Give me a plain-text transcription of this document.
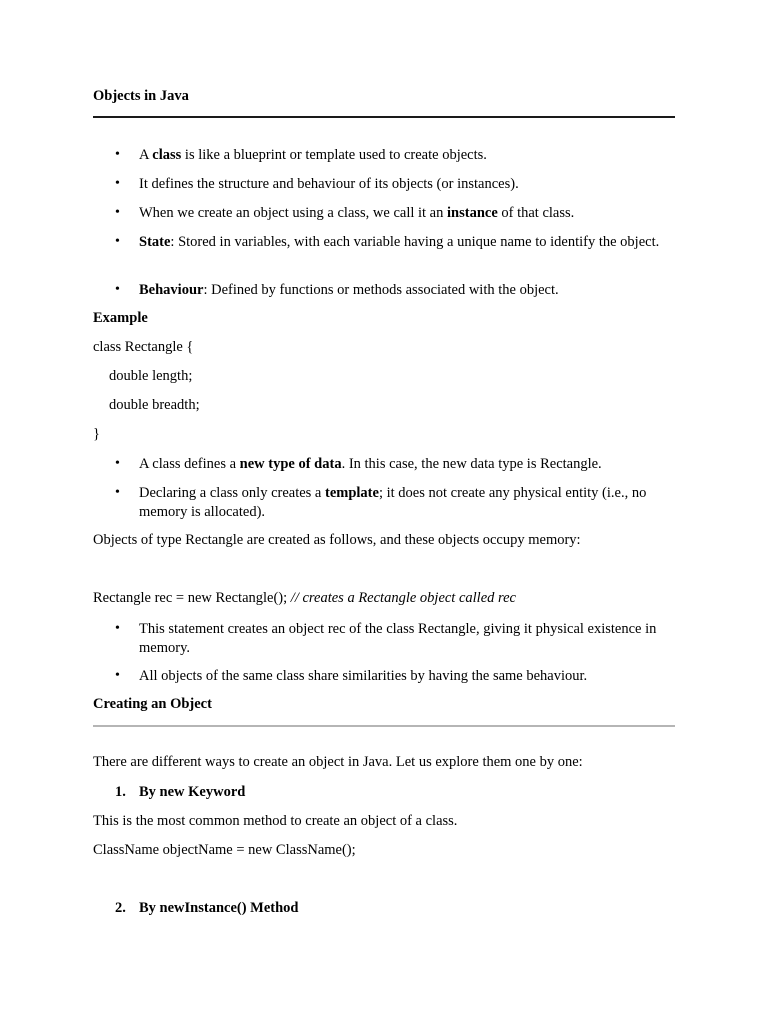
Objects in Java
•	A class is like a blueprint or template used to create objects.
•	It defines the structure and behaviour of its objects (or instances).
•	When we create an object using a class, we call it an instance of that class.
•	State: Stored in variables, with each variable having a unique name to identify the object.
•	Behaviour: Defined by functions or methods associated with the object.
Example
class Rectangle {
double length;
double breadth;
}
•	A class defines a new type of data. In this case, the new data type is Rectangle.
•	Declaring a class only creates a template; it does not create any physical entity (i.e., no memory is allocated).
Objects of type Rectangle are created as follows, and these objects occupy memory:
Rectangle rec = new Rectangle(); // creates a Rectangle object called rec
•	This statement creates an object rec of the class Rectangle, giving it physical existence in memory.
•	All objects of the same class share similarities by having the same behaviour.
Creating an Object
There are different ways to create an object in Java. Let us explore them one by one:
1. By new Keyword
This is the most common method to create an object of a class.
ClassName objectName = new ClassName();
2. By newInstance() Method
